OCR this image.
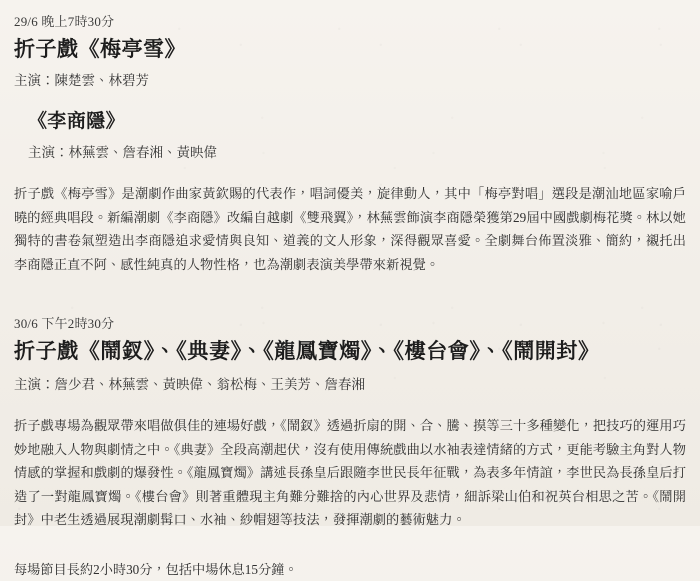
29/6 晚上7時30分

折子戲《梅亭雪》

主演：陳楚雲、林碧芳

《李商隱》

主演：林蕪雲、詹春湘、黃映偉

折子戲《梅亭雪》是潮劇作曲家黃欽賜的代表作，唱詞優美，旋律動人，其中「梅亭對唱」選段是潮汕地區家喻戶曉的經典唱段。新編潮劇《李商隱》改編自越劇《雙飛翼》，林蕪雲飾演李商隱榮獲第29屆中國戲劇梅花獎。林以她獨特的書卷氣塑造出李商隱追求愛情與良知、道義的文人形象，深得觀眾喜愛。全劇舞台佈置淡雅、簡約，襯托出李商隱正直不阿、感性純真的人物性格，也為潮劇表演美學帶來新視覺。

30/6 下午2時30分

折子戲《鬧釵》、《典妻》、《龍鳳寶燭》、《樓台會》、《鬧開封》

主演：詹少君、林蕪雲、黃映偉、翁松梅、王美芳、詹春湘

折子戲專場為觀眾帶來唱做俱佳的連場好戲，《鬧釵》透過折扇的開、合、騰、摸等三十多種變化，把技巧的運用巧妙地融入人物與劇情之中。《典妻》全段高潮起伏，沒有使用傳統戲曲以水袖表達情緒的方式，更能考驗主角對人物情感的掌握和戲劇的爆發性。《龍鳳寶燭》講述長孫皇后跟隨李世民長年征戰，為表多年情誼，李世民為長孫皇后打造了一對龍鳳寶燭。《樓台會》則著重體現主角難分難捨的內心世界及悲情，細訴梁山伯和祝英台相思之苦。《鬧開封》中老生透過展現潮劇髯口、水袖、紗帽翅等技法，發揮潮劇的藝術魅力。

每場節目長約2小時30分，包括中場休息15分鐘。
